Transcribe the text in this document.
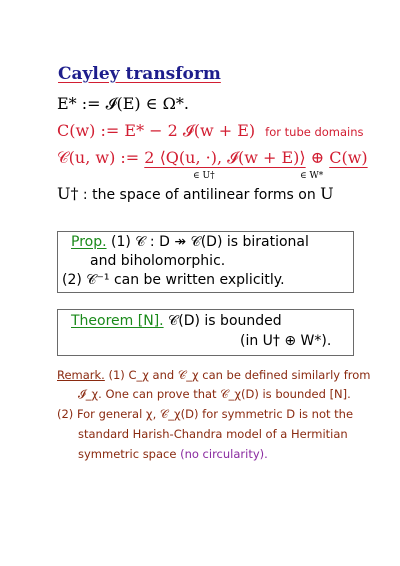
Cayley transform
E* := 𝓘(E) ∈ Ω*.
C(w) := E* − 2 𝓘(w + E) for tube domains
𝒞(u, w) := 2 ⟨Q(u, ·), 𝓘(w + E)⟩ ⊕ C(w)
∈ U†	∈ W*
U† : the space of antilinear forms on U
Prop. (1) 𝒞 : D ↠ 𝒞(D) is birational
and biholomorphic.
(2) 𝒞⁻¹ can be written explicitly.
Theorem [N]. 𝒞(D) is bounded
(in U† ⊕ W*).
Remark. (1) C_χ and 𝒞_χ can be defined similarly from
𝓘_χ. One can prove that 𝒞_χ(D) is bounded [N].
(2) For general χ, 𝒞_χ(D) for symmetric D is not the
standard Harish-Chandra model of a Hermitian
symmetric space (no circularity).
